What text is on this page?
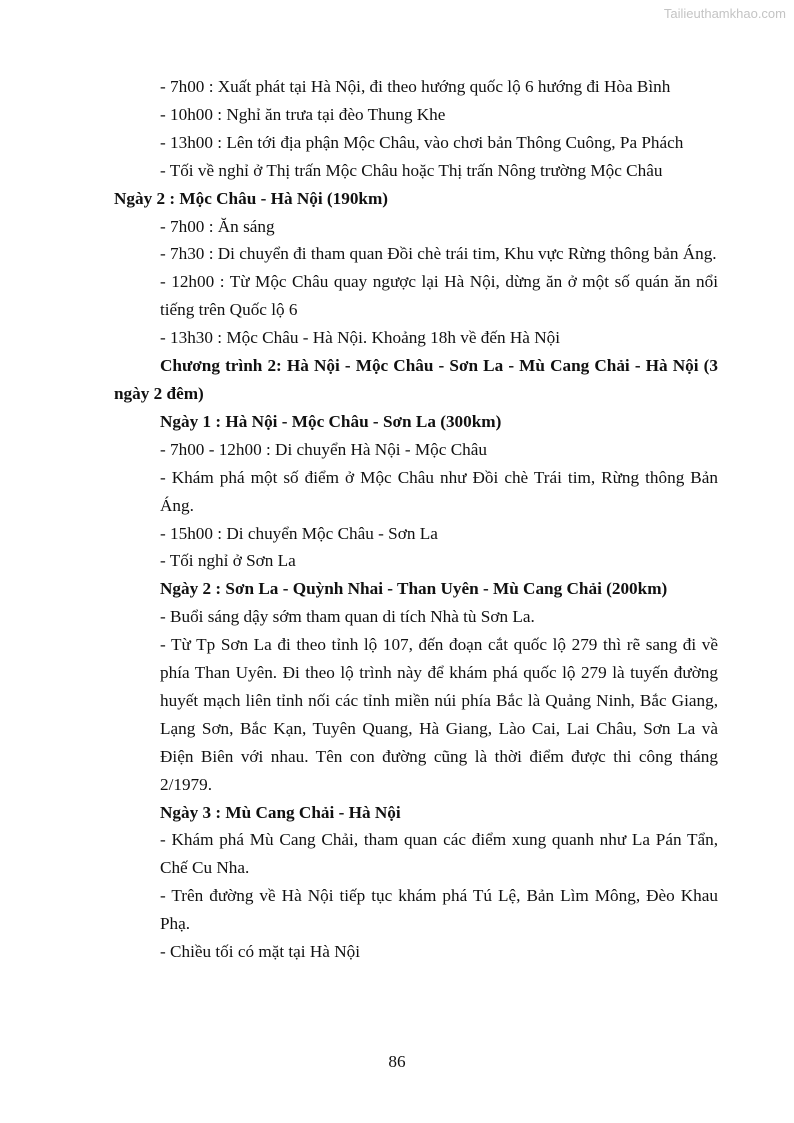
Tailieuthamkhao.com

- 7h00 : Xuất phát tại Hà Nội, đi theo hướng quốc lộ 6 hướng đi Hòa Bình

- 10h00 : Nghỉ ăn trưa tại đèo Thung Khe

- 13h00 : Lên tới địa phận Mộc Châu, vào chơi bản Thông Cuông, Pa Phách

- Tối về nghỉ ở Thị trấn Mộc Châu hoặc Thị trấn Nông trường Mộc Châu

Ngày 2 : Mộc Châu - Hà Nội (190km)

- 7h00 : Ăn sáng

- 7h30 : Di chuyển đi tham quan Đồi chè trái tim, Khu vực Rừng thông bản Áng.

- 12h00 : Từ Mộc Châu quay ngược lại Hà Nội, dừng ăn ở một số quán ăn nổi tiếng trên Quốc lộ 6

- 13h30 : Mộc Châu - Hà Nội. Khoảng 18h về đến Hà Nội

Chương trình 2: Hà Nội - Mộc Châu - Sơn La - Mù Cang Chải - Hà Nội (3 ngày 2 đêm)

Ngày 1 : Hà Nội - Mộc Châu - Sơn La (300km)

- 7h00 - 12h00 : Di chuyển Hà Nội - Mộc Châu

- Khám phá một số điểm ở Mộc Châu như Đồi chè Trái tim, Rừng thông Bản Áng.

- 15h00 : Di chuyển Mộc Châu - Sơn La

- Tối nghỉ ở Sơn La

Ngày 2 : Sơn La - Quỳnh Nhai - Than Uyên - Mù Cang Chải (200km)

- Buổi sáng dậy sớm tham quan di tích Nhà tù Sơn La.

- Từ Tp Sơn La đi theo tỉnh lộ 107, đến đoạn cắt quốc lộ 279 thì rẽ sang đi về phía Than Uyên. Đi theo lộ trình này để khám phá quốc lộ 279 là tuyến đường huyết mạch liên tỉnh nối các tỉnh miền núi phía Bắc là Quảng Ninh, Bắc Giang, Lạng Sơn, Bắc Kạn, Tuyên Quang, Hà Giang, Lào Cai, Lai Châu, Sơn La và Điện Biên với nhau. Tên con đường cũng là thời điểm được thi công tháng 2/1979.

Ngày 3 : Mù Cang Chải - Hà Nội

- Khám phá Mù Cang Chải, tham quan các điểm xung quanh như La Pán Tẩn, Chế Cu Nha.

- Trên đường về Hà Nội tiếp tục khám phá Tú Lệ, Bản Lìm Mông, Đèo Khau Phạ.

- Chiều tối có mặt tại Hà Nội

86
